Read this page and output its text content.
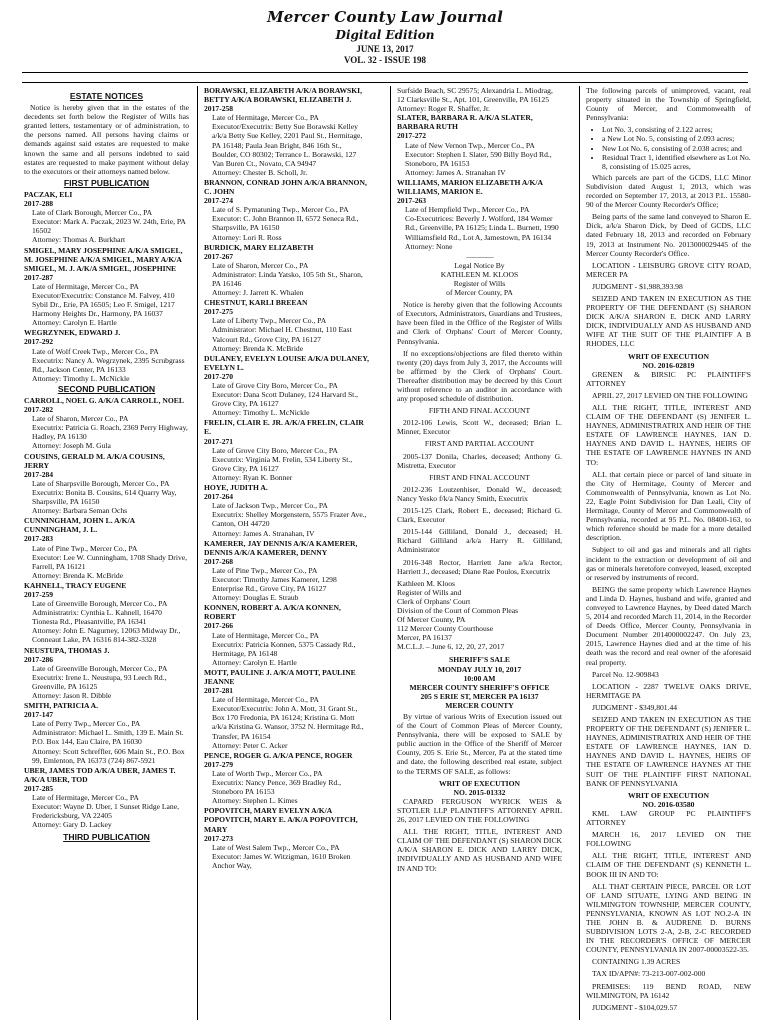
Mercer County Law Journal
Digital Edition
JUNE 13, 2017
VOL. 32 - ISSUE 198
ESTATE NOTICES

Notice is hereby given that in the estates of the decedents set forth below the Register of Wills has granted letters, testamentary or of administration, to the persons named. All persons having claims or demands against said estates are requested to make known the same and all persons indebted to said estates are requested to make payment without delay to the executors or their attorneys named below.

FIRST PUBLICATION
PACZAK, ELI
2017-288
Late of Clark Borough, Mercer Co., PA
Executor: Mark A. Paczak, 2023 W. 24th, Erie, PA 16502
Attorney: Thomas A. Burkhart
SMIGEL, MARY JOSEPHINE A/K/A SMIGEL, M. JOSEPHINE A/K/A SMIGEL, MARY A/K/A SMIGEL, M. J. A/K/A SMIGEL, JOSEPHINE
2017-287
Late of Hermitage, Mercer Co., PA
Executor/Executrix: Constance M. Falvey, 410 Sybil Dr., Erie, PA 16505; Leo F. Smigel, 1217 Harmony Heights Dr., Harmony, PA 16037
Attorney: Carolyn E. Hartle
WEGRZYNEK, EDWARD J.
2017-292
Late of Wolf Creek Twp., Mercer Co., PA
Executrix: Nancy A. Wegrzynek, 2395 Scrubgrass Rd., Jackson Center, PA 16133
Attorney: Timothy L. McNickle
SECOND PUBLICATION
CARROLL, NOEL G. A/K/A CARROLL, NOEL
2017-282
Late of Sharon, Mercer Co., PA
Executrix: Patricia G. Roach, 2369 Perry Highway, Hadley, PA 16130
Attorney: Joseph M. Gula
COUSINS, GERALD M. A/K/A COUSINS, JERRY
2017-284
Late of Sharpsville Borough, Mercer Co., PA
Executrix: Bonita B. Cousins, 614 Quarry Way, Sharpsville, PA 16150
Attorney: Barbara Seman Ochs
CUNNINGHAM, JOHN L. A/K/A CUNNINGHAM, J. L.
2017-283
Late of Pine Twp., Mercer Co., PA
Executor: Lee W. Cunningham, 1708 Shady Drive, Farrell, PA 16121
Attorney: Brenda K. McBride
KAHNELL, TRACY EUGENE
2017-259
Late of Greenville Borough, Mercer Co., PA
Administratrix: Cynthia L. Kahnell, 16470 Tionesta Rd., Pleasantville, PA 16341
Attorney: John E. Nagurney, 12063 Midway Dr., Conneaut Lake, PA 16316 814-382-3328
NEUSTUPA, THOMAS J.
2017-286
Late of Greenville Borough, Mercer Co., PA
Executrix: Irene L. Neustupa, 93 Leech Rd., Greenville, PA 16125
Attorney: Jason R. Dibble
SMITH, PATRICIA A.
2017-147
Late of Perry Twp., Mercer Co., PA
Administrator: Michael L. Smith, 139 E. Main St. P.O. Box 144, Eau Claire, PA 16030
Attorney: Scott Schreffler, 606 Main St., P.O. Box 99, Emlenton, PA 16373 (724) 867-5921
UBER, JAMES TOD A/K/A UBER, JAMES T. A/K/A UBER, TOD
2017-285
Late of Hermitage, Mercer Co., PA
Executor: Wayne D. Uber, 1 Sunset Ridge Lane, Fredericksburg, VA 22405
Attorney: Gary D. Lackey
THIRD PUBLICATION
BORAWSKI, ELIZABETH A/K/A BORAWSKI, BETTY A/K/A BORAWSKI, ELIZABETH J.
2017-258
Late of Hermitage, Mercer Co., PA
Executor/Executrix: Betty Sue Borawski Kelley a/k/a Betty Sue Kelley, 2201 Paul St., Hermitage, PA 16148; Paula Jean Bright, 846 16th St., Boulder, CO 80302; Terrance L. Borawski, 127 Van Buren Ct., Novato, CA 94947
Attorney: Chester B. Scholl, Jr.
BRANNON, CONRAD JOHN A/K/A BRANNON, C. JOHN
2017-274
Late of S. Pymatuning Twp., Mercer Co., PA
Executor: C. John Brannon II, 6572 Seneca Rd., Sharpsville, PA 16150
Attorney: Lori R. Ross
BURDICK, MARY ELIZABETH
2017-267
Late of Sharon, Mercer Co., PA
Administrator: Linda Yatsko, 105 5th St., Sharon, PA 16146
Attorney: J. Jarrett K. Whalen
CHESTNUT, KARLI BREEAN
2017-275
Late of Liberty Twp., Mercer Co., PA
Administrator: Michael H. Chestnut, 110 East Valcourt Rd., Grove City, PA 16127
Attorney: Brenda K. McBride
DULANEY, EVELYN LOUISE A/K/A DULANEY, EVELYN L.
2017-270
Late of Grove City Boro, Mercer Co., PA
Executor: Dana Scott Dulaney, 124 Harvard St., Grove City, PA 16127
Attorney: Timothy L. McNickle
FRELIN, CLAIR E. JR. A/K/A FRELIN, CLAIR E.
2017-271
Late of Grove City Boro, Mercer Co., PA
Executrix: Virginia M. Frelin, 534 Liberty St., Grove City, PA 16127
Attorney: Ryan K. Bonner
HOYE, JUDITH A.
2017-264
Late of Jackson Twp., Mercer Co., PA
Executrix: Shelley Morgenstern, 5575 Frazer Ave., Canton, OH 44720
Attorney: James A. Stranahan, IV
KAMERER, JAY DENNIS A/K/A KAMERER, DENNIS A/K/A KAMERER, DENNY
2017-268
Late of Pine Twp., Mercer Co., PA
Executor: Timothy James Kamerer, 1298 Enterprise Rd., Grove City, PA 16127
Attorney: Douglas E. Straub
KONNEN, ROBERT A. A/K/A KONNEN, ROBERT
2017-266
Late of Hermitage, Mercer Co., PA
Executrix: Patricia Konnen, 5375 Cassady Rd., Hermitage, PA 16148
Attorney: Carolyn E. Hartle
MOTT, PAULINE J. A/K/A MOTT, PAULINE JEANNE
2017-281
Late of Hermitage, Mercer Co., PA
Executor/Executrix: John A. Mott, 31 Grant St., Box 170 Fredonia, PA 16124; Kristina G. Mott a/k/a Kristina G. Wansor, 3752 N. Hermitage Rd., Transfer, PA 16154
Attorney: Peter C. Acker
PENCE, ROGER G. A/K/A PENCE, ROGER
2017-279
Late of Worth Twp., Mercer Co., PA
Executrix: Nancy Pence, 369 Bradley Rd., Stoneboro PA 16153
Attorney: Stephen L. Kimes
POPOVITCH, MARY EVELYN A/K/A POPOVITCH, MARY E. A/K/A POPOVITCH, MARY
2017-273
Late of West Salem Twp., Mercer Co., PA
Executor: James W. Witzigman, 1610 Broken Anchor Way,
Surfside Beach, SC 29575; Alexandria L. Miodrag, 12 Clarksville St., Apt. 101, Greenville, PA 16125
Attorney: Roger R. Shaffer, Jr.
SLATER, BARBARA R. A/K/A SLATER, BARBARA RUTH
2017-272
Late of New Vernon Twp., Mercer Co., PA
Executor: Stephen I. Slater, 590 Billy Boyd Rd., Stoneboro, PA 16153
Attorney: James A. Stranahan IV
WILLIAMS, MARION ELIZABETH A/K/A WILLIAMS, MARION E.
2017-263
Late of Hempfield Twp., Mercer Co., PA
Co-Executrices: Beverly J. Wolford, 184 Werner Rd., Greenville, PA 16125; Linda L. Burnett, 1990 Williamsfield Rd., Lot A, Jamestown, PA 16134
Attorney: None
————
Legal Notice By
KATHLEEN M. KLOOS
Register of Wills
of Mercer County, PA

Notice is hereby given that the following Accounts of Executors, Administrators, Guardians and Trustees, have been filed in the Office of the Register of Wills and Clerk of Orphans' Court of Mercer County, Pennsylvania.

If no exceptions/objections are filed thereto within twenty (20) days from July 3, 2017, the Accounts will be affirmed by the Clerk of Orphans' Court. Thereafter distribution may be decreed by this Court without reference to an auditor in accordance with any proposed schedule of distribution.

FIFTH AND FINAL ACCOUNT

2012-106 Lewis, Scott W., deceased; Brian L. Minner, Executor

FIRST AND PARTIAL ACCOUNT

2005-137 Donila, Charles, deceased; Anthony G. Mistretta, Executor

FIRST AND FINAL ACCOUNT

2012-236 Loutzenhiser, Donald W., deceased; Nancy Yesko f/k/a Nancy Smith, Executrix

2015-125 Clark, Robert E., deceased; Richard G. Clark, Executor

2015-144 Gilliland, Donald J., deceased; H. Richard Gilliland a/k/a Harry R. Gilliland, Administrator

2016-348 Rector, Harriett Jane a/k/a Rector, Harriett J., deceased; Diane Rae Poulos, Executrix

Kathleen M. Kloos
Register of Wills and
Clerk of Orphans' Court
Division of the Court of Common Pleas
Of Mercer County, PA
112 Mercer County Courthouse
Mercer, PA 16137
M.C.L.J. – June 6, 12, 20, 27, 2017
SHERIFF'S SALE
MONDAY JULY 10, 2017
10:00 AM
MERCER COUNTY SHERIFF'S OFFICE
205 S ERIE ST, MERCER PA 16137
MERCER COUNTY

By virtue of various Writs of Execution issued out of the Court of Common Pleas of Mercer County, Pennsylvania, there will be exposed to SALE by public auction in the Office of the Sheriff of Mercer County, 205 S. Erie St., Mercer, Pa at the stated time and date, the following described real estate, subject to the TERMS OF SALE, as follows:

WRIT OF EXECUTION
NO. 2015-01332

CAPARD FERGUSON WYRICK WEIS & STOTLER LLP PLAINTIFF'S ATTORNEY APRIL 26, 2017 LEVIED ON THE FOLLOWING

ALL THE RIGHT, TITLE, INTEREST AND CLAIM OF THE DEFENDANT (S) SHARON DICK A/K/A SHARON E. DICK AND LARRY DICK, INDIVIDUALLY AND AS HUSBAND AND WIFE IN AND TO:

The following parcels of unimproved, vacant, real property situated in the Township of Springfield, County of Mercer, and Commonwealth of Pennsylvania:

• Lot No. 3, consisting of 2.122 acres;
• a New Lot No. 5, consisting of 2.093 acres;
• New Lot No. 6, consisting of 2.038 acres; and
• Residual Tract 1, identified elsewhere as Lot No. 8, consisting of 15.025 acres,

Which parcels are part of the GCDS, LLC Minor Subdivision dated August 1, 2013, which was recorded on September 17, 2013, at 2013 P.L. 15580-90 of the Mercer County Recorder's Office;

Being parts of the same land conveyed to Sharon E. Dick, a/k/a Sharon Dick, by Deed of GCDS, LLC dated February 18, 2013 and recorded on February 19, 2013 at Instrument No. 2013000029445 of the Mercer County Recorder's Office.

LOCATION - LEISBURG GROVE CITY ROAD, MERCER PA

JUDGMENT - $1,988,393.98

SEIZED AND TAKEN IN EXECUTION AS THE PROPERTY OF THE DEFENDANT (S) SHARON DICK A/K/A SHARON E. DICK AND LARRY DICK, INDIVIDUALLY AND AS HUSBAND AND WIFE AT THE SUIT OF THE PLAINTIFF A B RHODES, LLC

WRIT OF EXECUTION
NO. 2016-02819

GRENEN & BIRSIC PC PLAINTIFF'S ATTORNEY

APRIL 27, 2017 LEVIED ON THE FOLLOWING

ALL THE RIGHT, TITLE, INTEREST AND CLAIM OF THE DEFENDANT (S) JENIFER L. HAYNES, ADMINISTRATRIX AND HEIR OF THE ESTATE OF LAWRENCE HAYNES, IAN D. HAYNES AND DAVID L. HAYNES, HEIRS OF THE ESTATE OF LAWRENCE HAYNES IN AND TO:

ALL that certain piece or parcel of land situate in the City of Hermitage, County of Mercer and Commonwealth of Pennsylvania, known as Lot No. 22, Eagle Point Subdivision for Dan Leali, City of Hermitage, County of Mercer and Commonwealth of Pennsylvania, recorded at 95 P.L. No. 08400-163, to which reference should be made for a more detailed description.

Subject to oil and gas and minerals and all rights incident to the extraction or development of oil and gas or minerals heretofore conveyed, leased, excepted or reserved by instruments of record.

BEING the same property which Lawrence Haynes and Linda D. Haynes, husband and wife, granted and conveyed to Lawrence Haynes, by Deed dated March 5, 2014 and recorded March 11, 2014, in the Recorder of Deeds Office, Mercer County, Pennsylvania in Document Number 2014000002247. On July 23, 2015, Lawrence Haynes died and at the time of his death was the record and real owner of the aforesaid real property.

Parcel No. 12-909843

LOCATION - 2287 TWELVE OAKS DRIVE, HERMITAGE PA

JUDGMENT - $349,801.44

SEIZED AND TAKEN IN EXECUTION AS THE PROPERTY OF THE DEFENDANT (S) JENIFER L. HAYNES, ADMINISTRATRIX AND HEIR OF THE ESTATE OF LAWRENCE HAYNES, IAN D. HAYNES AND DAVID L. HAYNES, HEIRS OF THE ESTATE OF LAWRENCE HAYNES AT THE SUIT OF THE PLAINTIFF FIRST NATIONAL BANK OF PENNSYLVANIA

WRIT OF EXECUTION
NO. 2016-03580

KML LAW GROUP PC PLAINTIFF'S ATTORNEY

MARCH 16, 2017 LEVIED ON THE FOLLOWING

ALL THE RIGHT, TITLE, INTEREST AND CLAIM OF THE DEFENDANT (S) KENNETH L. BOOK III IN AND TO:

ALL THAT CERTAIN PIECE, PARCEL OR LOT OF LAND SITUATE, LYING AND BEING IN WILMINGTON TOWNSHIP, MERCER COUNTY, PENNSYLVANIA, KNOWN AS LOT NO.2-A IN THE JOHN B. & AUDRENE D. BURNS SUBDIVISION LOTS 2-A, 2-B, 2-C RECORDED IN THE RECORDER'S OFFICE OF MERCER COUNTY, PENNSYLVANIA IN 2007-00003522-35.

CONTAINING 1.39 ACRES

TAX ID/APN#: 73-213-007-002-000

PREMISES: 119 BEND ROAD, NEW WILMINGTON, PA 16142

JUDGMENT - $104,029.57
